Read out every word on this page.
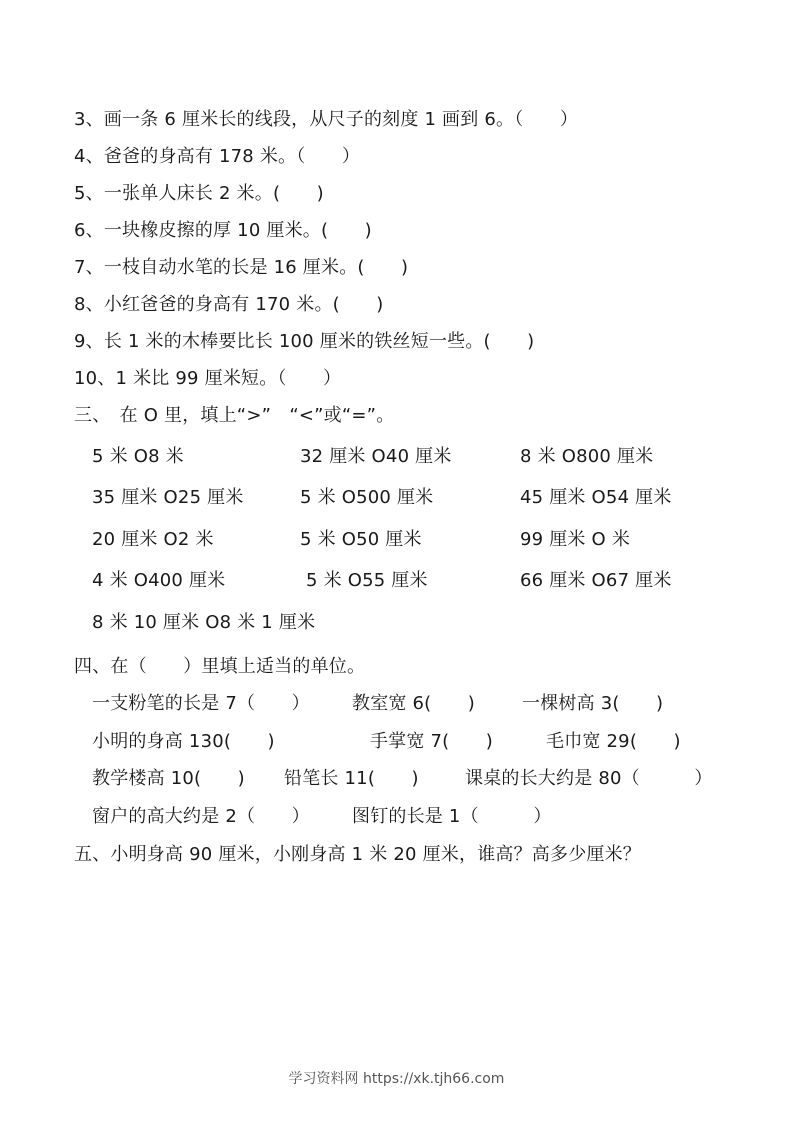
3、画一条 6 厘米长的线段，从尺子的刻度 1 画到 6。（　　）
4、爸爸的身高有 178 米。（　　）
5、一张单人床长 2 米。(　　)
6、一块橡皮擦的厚 10 厘米。(　　)
7、一枝自动水笔的长是 16 厘米。(　　)
8、小红爸爸的身高有 170 米。(　　)
9、长 1 米的木棒要比长 100 厘米的铁丝短一些。(　　)
10、1 米比 99 厘米短。（　　）
三、　在 O 里，填上“>”　“<”或“=”。
5 米 O8 米	32 厘米 O40 厘米	8 米 O800 厘米
35 厘米 O25 厘米	5 米 O500 厘米	45 厘米 O54 厘米
20 厘米 O2 米	5 米 O50 厘米	99 厘米 O 米
4 米 O400 厘米	5 米 O55 厘米	66 厘米 O67 厘米
8 米 10 厘米 O8 米 1 厘米
四、在（　　）里填上适当的单位。
一支粉笔的长是 7（　　） 教室宽 6(　　)	一棵树高 3(　　)
小明的身高 130(　　)	手掌宽 7(　　)	毛巾宽 29(　　)
教学楼高 10(　　) 铅笔长 11(　　)	课桌的长大约是 80（　　　）
窗户的高大约是 2（　　） 图钉的长是 1（　　　）
五、小明身高 90 厘米，小刚身高 1 米 20 厘米，谁高？高多少厘米？
学习资料网 https://xk.tjh66.com
